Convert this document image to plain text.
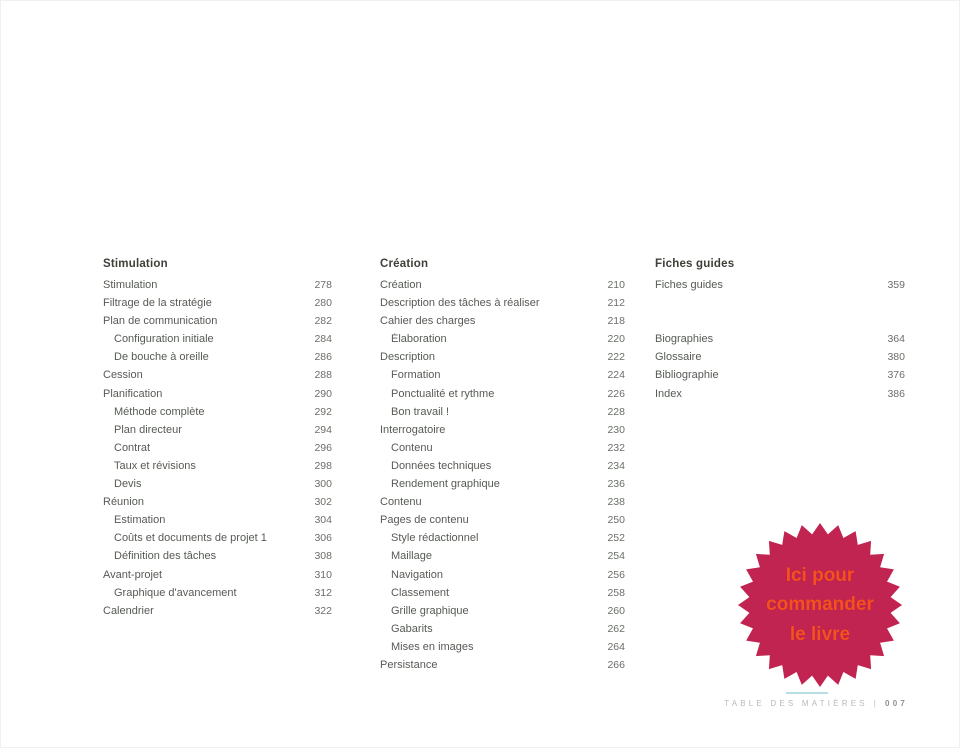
Stimulation
Stimulation	278
Filtrage de la stratégie	280
Plan de communication	282
Configuration initiale	284
De bouche à oreille	286
Cession	288
Planification	290
Méthode complète	292
Plan directeur	294
Contrat	296
Taux et révisions	298
Devis	300
Réunion	302
Estimation	304
Coûts et documents de projet 1	306
Définition des tâches	308
Avant-projet	310
Graphique d'avancement	312
Calendrier	322
Création
Création	210
Description des tâches à réaliser	212
Cahier des charges	218
Élaboration	220
Description	222
Formation	224
Ponctualité et rythme	226
Bon travail !	228
Interrogatoire	230
Contenu	232
Données techniques	234
Rendement graphique	236
Contenu	238
Pages de contenu	250
Style rédactionnel	252
Maillage	254
Navigation	256
Classement	258
Grille graphique	260
Gabarits	262
Mises en images	264
Persistance	266
Fiches guides
Fiches guides	359
Biographies	364
Glossaire	380
Bibliographie	376
Index	386
Ici pour
commander
le livre
TABLE DES MATIÈRES | 007
